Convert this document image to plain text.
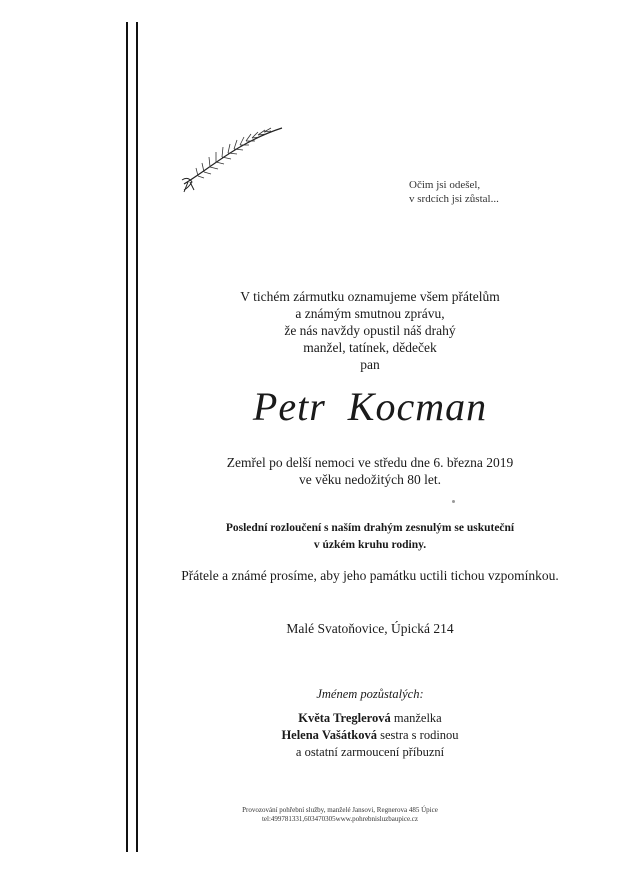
Očim jsi odešel,
v srdcích jsi zůstal...
V tichém zármutku oznamujeme všem přátelům
a známým smutnou zprávu,
že nás navždy opustil náš drahý
manžel, tatínek, dědeček
pan
Petr  Kocman
Zemřel po delší nemoci ve středu dne 6. března 2019
ve věku nedožitých 80 let.
Poslední rozloučení s naším drahým zesnulým se uskuteční
v úzkém kruhu rodiny.
Přátele a známé prosíme, aby jeho památku uctili tichou vzpomínkou.
Malé Svatoňovice, Úpická 214
Jménem pozůstalých:
Květa Treglerová manželka
Helena Vašátková sestra s rodinou
a ostatní zarmoucení příbuzní
Provozování pohřební služby, manželé Jansovi, Regnerova 485 Úpice
tel:499781331,603470305www.pohrebnisluzbaupice.cz
